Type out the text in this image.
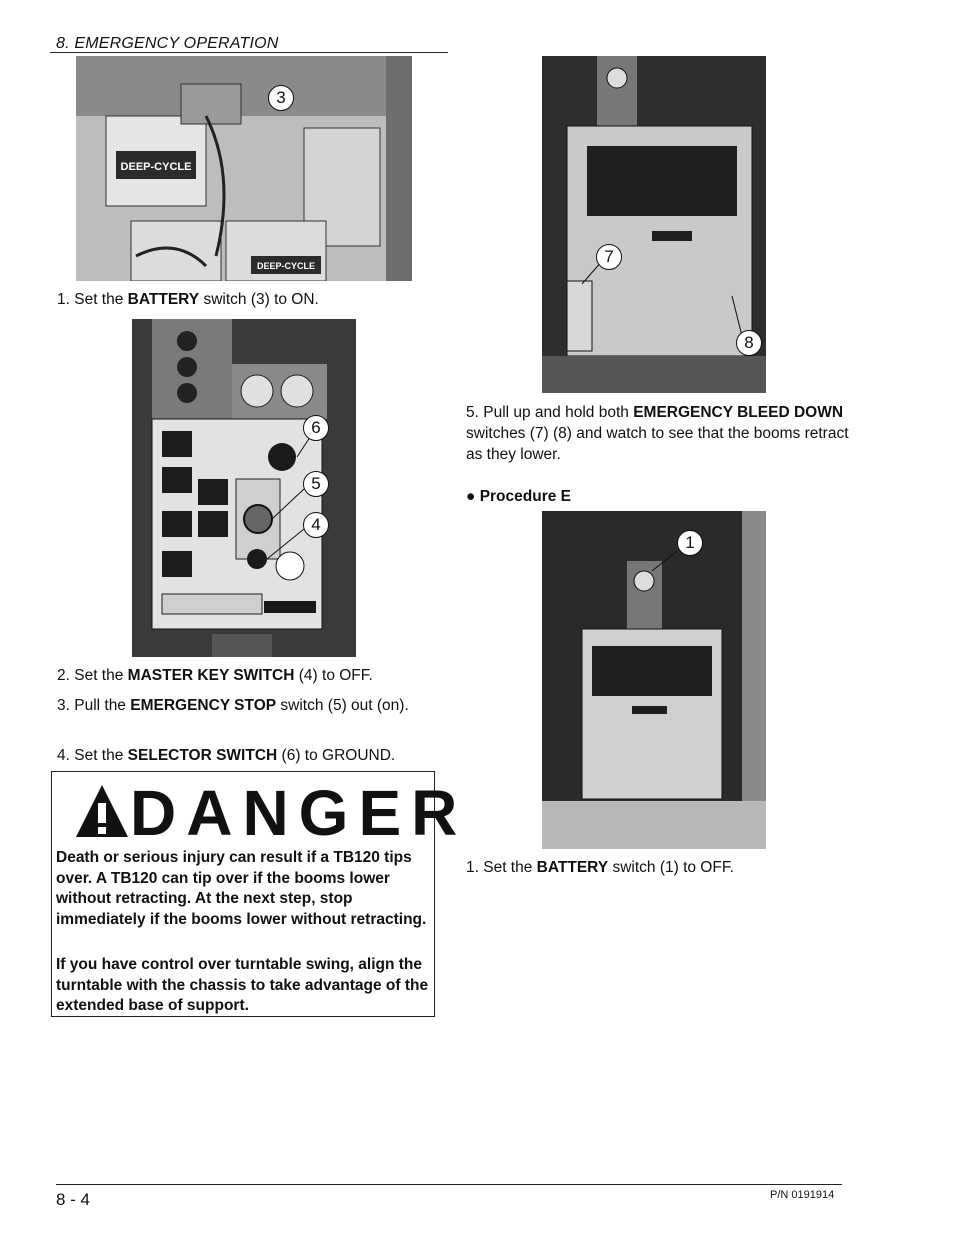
8. EMERGENCY OPERATION
DEEP-CYCLE
DEEP-CYCLE
3
1. Set the BATTERY switch (3) to ON.
6
5
4
2. Set the MASTER KEY SWITCH (4) to OFF.
3. Pull the EMERGENCY STOP switch (5) out (on).
4. Set the SELECTOR SWITCH (6) to GROUND.
DANGER
Death or serious injury can result if a TB120 tips over. A TB120 can tip over if the booms lower without retracting. At the next step, stop immediately if the booms lower without retracting.
If you have control over turntable swing, align the turntable with the chassis to take advantage of the extended base of support.
7
8
5. Pull up and hold both EMERGENCY BLEED DOWN switches (7) (8) and watch to see that the booms retract as they lower.
● Procedure E
1
1. Set the BATTERY switch (1) to OFF.
8 - 4	P/N 0191914
